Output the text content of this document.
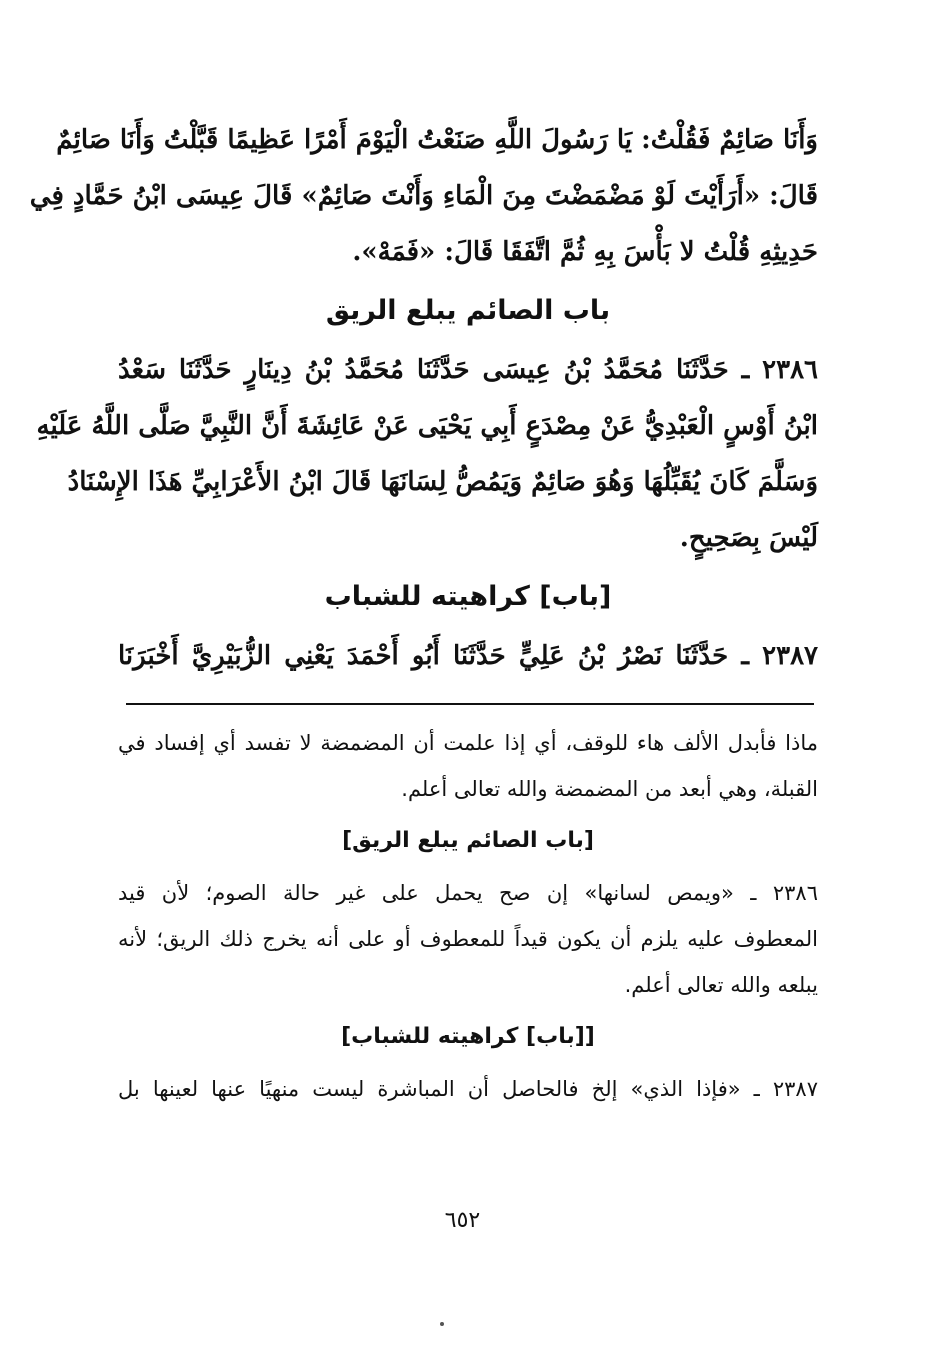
وَأَنَا صَائِمٌ فَقُلْتُ: يَا رَسُولَ اللَّهِ صَنَعْتُ الْيَوْمَ أَمْرًا عَظِيمًا قَبَّلْتُ وَأَنَا صَائِمٌ
قَالَ: «أَرَأَيْتَ لَوْ مَضْمَضْتَ مِنَ الْمَاءِ وَأَنْتَ صَائِمٌ» قَالَ عِيسَى ابْنُ حَمَّادٍ فِي
حَدِيثِهِ قُلْتُ لا بَأْسَ بِهِ ثُمَّ اتَّفَقَا قَالَ: «فَمَهْ».
باب الصائم يبلع الريق
٢٣٨٦ ـ حَدَّثَنَا مُحَمَّدُ بْنُ عِيسَى حَدَّثَنَا مُحَمَّدُ بْنُ دِينَارٍ حَدَّثَنَا سَعْدُ
ابْنُ أَوْسٍ الْعَبْدِيُّ عَنْ مِصْدَعٍ أَبِي يَحْيَى عَنْ عَائِشَةَ أَنَّ النَّبِيَّ صَلَّى اللَّهُ عَلَيْهِ
وَسَلَّمَ كَانَ يُقَبِّلُهَا وَهُوَ صَائِمٌ وَيَمُصُّ لِسَانَهَا قَالَ ابْنُ الأَعْرَابِيِّ هَذَا الإِسْنَادُ
لَيْسَ بِصَحِيحٍ.
[باب] كراهيته للشباب
٢٣٨٧ ـ حَدَّثَنَا نَصْرُ بْنُ عَلِيٍّ حَدَّثَنَا أَبُو أَحْمَدَ يَعْنِي الزُّبَيْرِيَّ أَخْبَرَنَا
ماذا فأبدل الألف هاء للوقف، أي إذا علمت أن المضمضة لا تفسد أي إفساد في
القبلة، وهي أبعد من المضمضة والله تعالى أعلم.
[باب الصائم يبلع الريق]
٢٣٨٦ ـ «ويمص لسانها» إن صح يحمل على غير حالة الصوم؛ لأن قيد
المعطوف عليه يلزم أن يكون قيداً للمعطوف أو على أنه يخرج ذلك الريق؛ لأنه
يبلعه والله تعالى أعلم.
[[باب] كراهيته للشباب]
٢٣٨٧ ـ «فإذا الذي» إلخ فالحاصل أن المباشرة ليست منهيًا عنها لعينها بل
٦٥٢
